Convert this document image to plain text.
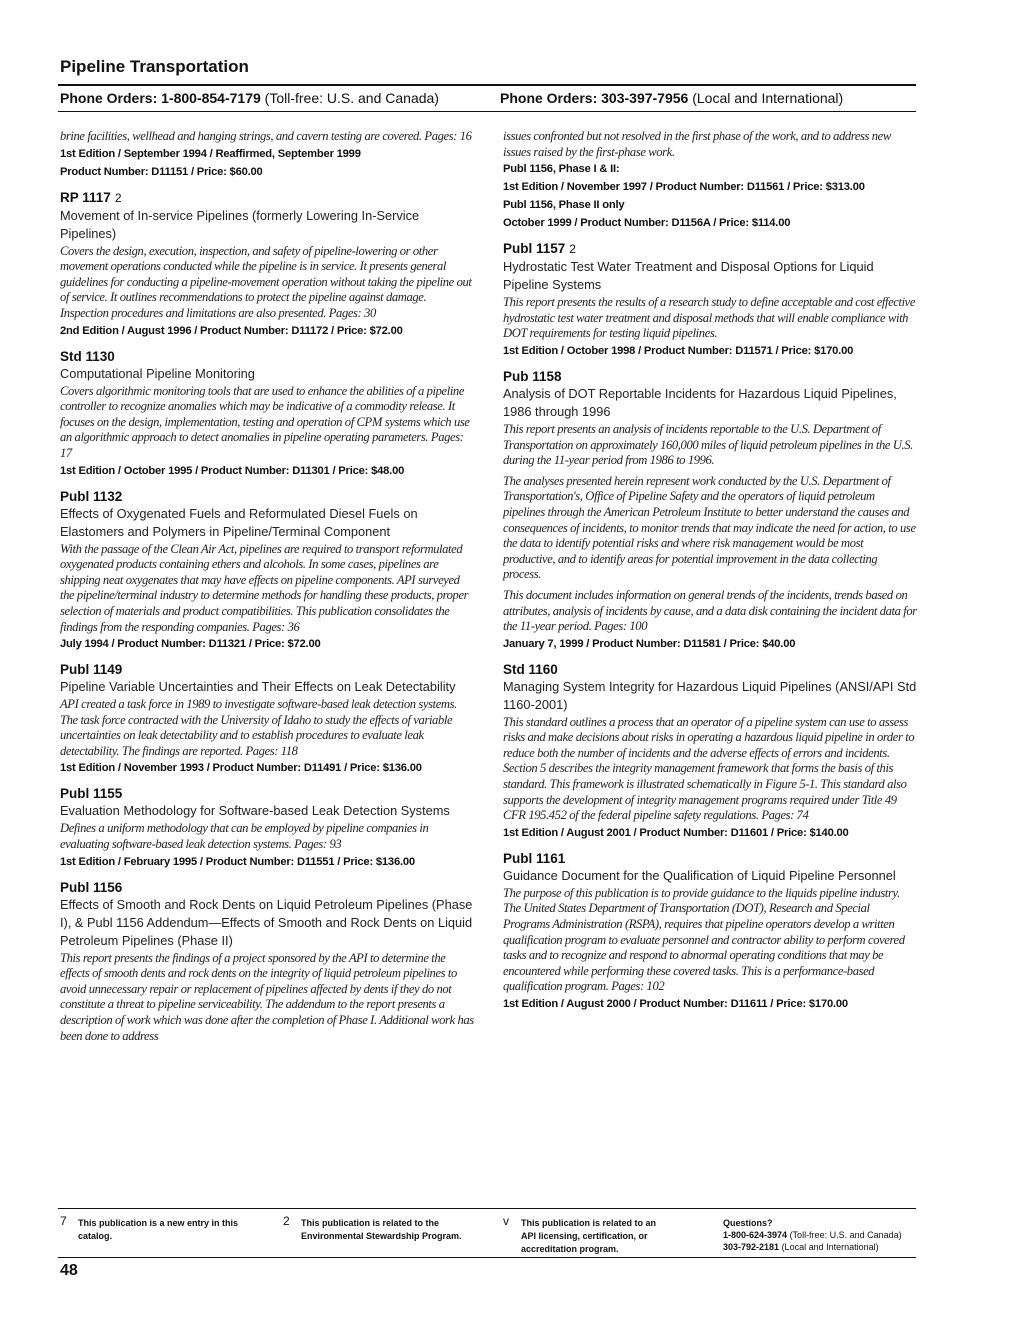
Pipeline Transportation
Phone Orders: 1-800-854-7179 (Toll-free: U.S. and Canada)	Phone Orders: 303-397-7956 (Local and International)
brine facilities, wellhead and hanging strings, and cavern testing are covered. Pages: 16
1st Edition / September 1994 / Reaffirmed, September 1999
Product Number: D11151 / Price: $60.00
RP 1117 2
Movement of In-service Pipelines (formerly Lowering In-Service Pipelines)
Covers the design, execution, inspection, and safety of pipeline-lowering or other movement operations conducted while the pipeline is in service. It presents general guidelines for conducting a pipeline-movement operation without taking the pipeline out of service. It outlines recommendations to protect the pipeline against damage. Inspection procedures and limitations are also presented. Pages: 30
2nd Edition / August 1996 / Product Number: D11172 / Price: $72.00
Std 1130
Computational Pipeline Monitoring
Covers algorithmic monitoring tools that are used to enhance the abilities of a pipeline controller to recognize anomalies which may be indicative of a commodity release. It focuses on the design, implementation, testing and operation of CPM systems which use an algorithmic approach to detect anomalies in pipeline operating parameters. Pages: 17
1st Edition / October 1995 / Product Number: D11301 / Price: $48.00
Publ 1132
Effects of Oxygenated Fuels and Reformulated Diesel Fuels on Elastomers and Polymers in Pipeline/Terminal Component
With the passage of the Clean Air Act, pipelines are required to transport reformulated oxygenated products containing ethers and alcohols. In some cases, pipelines are shipping neat oxygenates that may have effects on pipeline components. API surveyed the pipeline/terminal industry to determine methods for handling these products, proper selection of materials and product compatibilities. This publication consolidates the findings from the responding companies. Pages: 36
July 1994 / Product Number: D11321 / Price: $72.00
Publ 1149
Pipeline Variable Uncertainties and Their Effects on Leak Detectability
API created a task force in 1989 to investigate software-based leak detection systems. The task force contracted with the University of Idaho to study the effects of variable uncertainties on leak detectability and to establish procedures to evaluate leak detectability. The findings are reported. Pages: 118
1st Edition / November 1993 / Product Number: D11491 / Price: $136.00
Publ 1155
Evaluation Methodology for Software-based Leak Detection Systems
Defines a uniform methodology that can be employed by pipeline companies in evaluating software-based leak detection systems. Pages: 93
1st Edition / February 1995 / Product Number: D11551 / Price: $136.00
Publ 1156
Effects of Smooth and Rock Dents on Liquid Petroleum Pipelines (Phase I), & Publ 1156 Addendum—Effects of Smooth and Rock Dents on Liquid Petroleum Pipelines (Phase II)
This report presents the findings of a project sponsored by the API to determine the effects of smooth dents and rock dents on the integrity of liquid petroleum pipelines to avoid unnecessary repair or replacement of pipelines affected by dents if they do not constitute a threat to pipeline serviceability. The addendum to the report presents a description of work which was done after the completion of Phase I. Additional work has been done to address
issues confronted but not resolved in the first phase of the work, and to address new issues raised by the first-phase work.
Publ 1156, Phase I & II:
1st Edition / November 1997 / Product Number: D11561 / Price: $313.00
Publ 1156, Phase II only
October 1999 / Product Number: D1156A / Price: $114.00
Publ 1157 2
Hydrostatic Test Water Treatment and Disposal Options for Liquid Pipeline Systems
This report presents the results of a research study to define acceptable and cost effective hydrostatic test water treatment and disposal methods that will enable compliance with DOT requirements for testing liquid pipelines.
1st Edition / October 1998 / Product Number: D11571 / Price: $170.00
Pub 1158
Analysis of DOT Reportable Incidents for Hazardous Liquid Pipelines, 1986 through 1996
This report presents an analysis of incidents reportable to the U.S. Department of Transportation on approximately 160,000 miles of liquid petroleum pipelines in the U.S. during the 11-year period from 1986 to 1996.
The analyses presented herein represent work conducted by the U.S. Department of Transportation's, Office of Pipeline Safety and the operators of liquid petroleum pipelines through the American Petroleum Institute to better understand the causes and consequences of incidents, to monitor trends that may indicate the need for action, to use the data to identify potential risks and where risk management would be most productive, and to identify areas for potential improvement in the data collecting process.
This document includes information on general trends of the incidents, trends based on attributes, analysis of incidents by cause, and a data disk containing the incident data for the 11-year period. Pages: 100
January 7, 1999 / Product Number: D11581 / Price: $40.00
Std 1160
Managing System Integrity for Hazardous Liquid Pipelines (ANSI/API Std 1160-2001)
This standard outlines a process that an operator of a pipeline system can use to assess risks and make decisions about risks in operating a hazardous liquid pipeline in order to reduce both the number of incidents and the adverse effects of errors and incidents. Section 5 describes the integrity management framework that forms the basis of this standard. This framework is illustrated schematically in Figure 5-1. This standard also supports the development of integrity management programs required under Title 49 CFR 195.452 of the federal pipeline safety regulations. Pages: 74
1st Edition / August 2001 / Product Number: D11601 / Price: $140.00
Publ 1161
Guidance Document for the Qualification of Liquid Pipeline Personnel
The purpose of this publication is to provide guidance to the liquids pipeline industry. The United States Department of Transportation (DOT), Research and Special Programs Administration (RSPA), requires that pipeline operators develop a written qualification program to evaluate personnel and contractor ability to perform covered tasks and to recognize and respond to abnormal operating conditions that may be encountered while performing these covered tasks. This is a performance-based qualification program. Pages: 102
1st Edition / August 2000 / Product Number: D11611 / Price: $170.00
7 This publication is a new entry in this catalog.
2 This publication is related to the Environmental Stewardship Program.
v This publication is related to an API licensing, certification, or accreditation program.
Questions?
1-800-624-3974 (Toll-free: U.S. and Canada)
303-792-2181 (Local and International)
48
